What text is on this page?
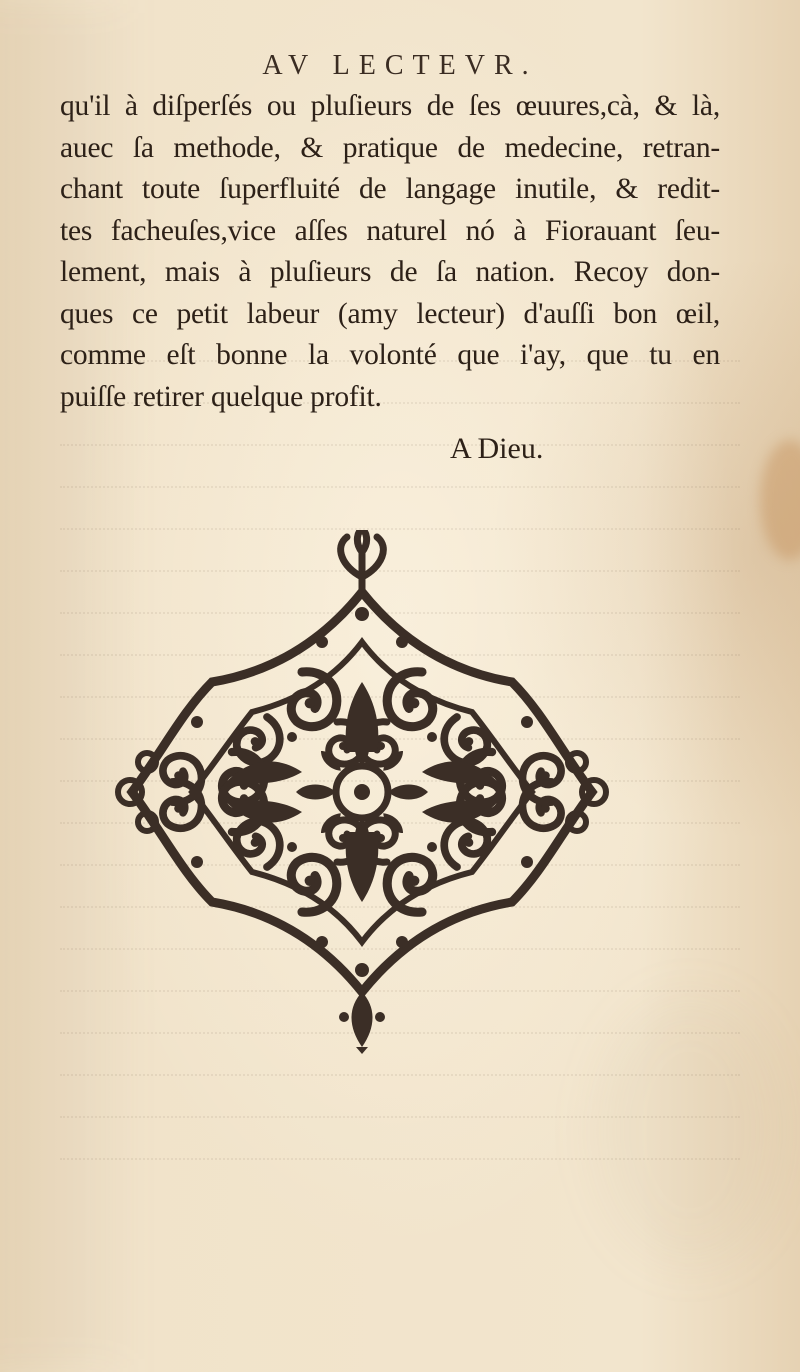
AV LECTEVR.
qu'il à diſperſés ou pluſieurs de ſes œuures,cà, & là,
auec ſa methode, & pratique de medecine, retran-
chant toute ſuperfluité de langage inutile, & redit-
tes facheuſes,vice aſſes naturel nó à Fiorauant ſeu-
lement, mais à pluſieurs de ſa nation. Recoy don-
ques ce petit labeur (amy lecteur) d'auſſi bon œil,
comme eſt bonne la volonté que i'ay, que tu en
puiſſe retirer quelque profit.
A Dieu.
